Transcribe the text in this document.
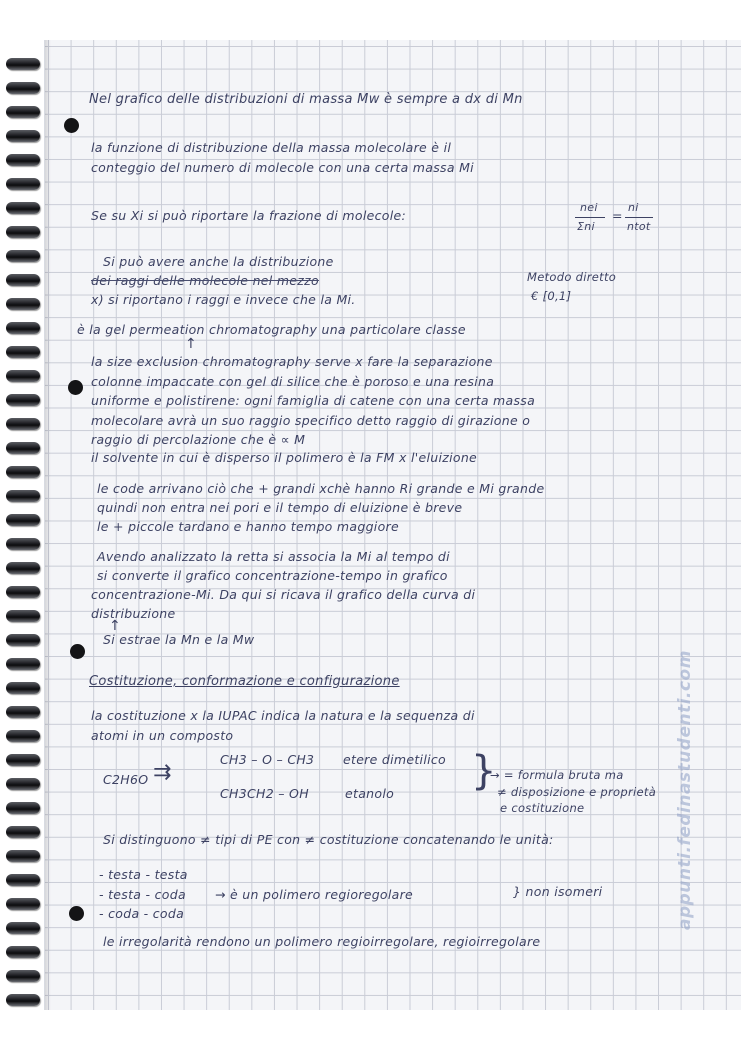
Nel grafico delle distribuzioni di massa Mw è sempre a dx di Mn
la funzione di distribuzione della massa molecolare è il
conteggio del numero di molecole con una certa massa Mi
Se su Xi si può riportare la frazione di molecole:
nei
Σni
=
ni
ntot
Si può avere anche la distribuzione
dei raggi delle molecole nel mezzo	Metodo diretto
x) si riportano i raggi e invece che la Mi.	€ [0,1]
è la gel permeation chromatography una particolare classe
↑
la size exclusion chromatography serve x fare la separazione
colonne impaccate con gel di silice che è poroso e una resina
uniforme e polistirene: ogni famiglia di catene con una certa massa
molecolare avrà un suo raggio specifico detto raggio di girazione o
raggio di percolazione che è ∝ M
il solvente in cui è disperso il polimero è la FM x l'eluizione
le code arrivano ciò che + grandi xchè hanno Ri grande e Mi grande
quindi non entra nei pori e il tempo di eluizione è breve
le + piccole tardano e hanno tempo maggiore
Avendo analizzato la retta si associa la Mi al tempo di
si converte il grafico concentrazione-tempo in grafico
concentrazione-Mi. Da qui si ricava il grafico della curva di
distribuzione
↑
Si estrae la Mn e la Mw
Costituzione, conformazione e configurazione
la costituzione x la IUPAC indica la natura e la sequenza di
atomi in un composto
C2H6O ⇉
CH3 – O – CH3 etere dimetilico
CH3CH2 – OH	etanolo }
→ = formula bruta ma
≠ disposizione e proprietà
e costituzione
Si distinguono ≠ tipi di PE con ≠ costituzione concatenando le unità:
- testa - testa
- testa - coda → è un polimero regioregolare
- coda - coda
} non isomeri
le irregolarità rendono un polimero regioirregolare, regioirregolare
appunti.fedinastudenti.com
